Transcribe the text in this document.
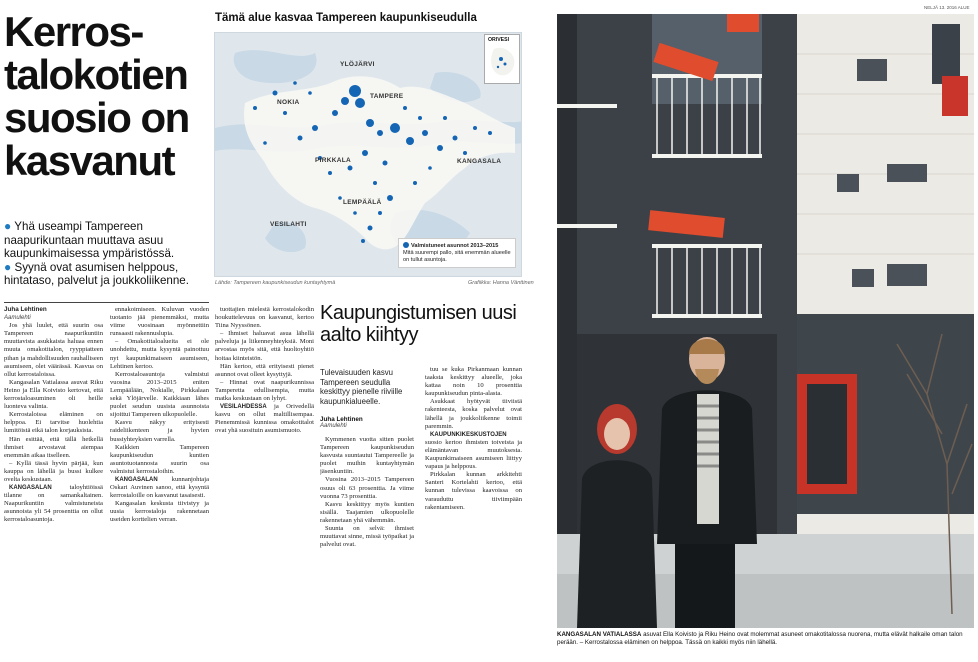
NELJÄ 13. 2016 ALUE
Kerros-
talokotien
suosio on
kasvanut
● Yhä useampi Tampereen naapurikuntaan muuttava asuu kaupunkimaisessa ympäristössä.
● Syynä ovat asumisen helppous, hintataso, palvelut ja joukkoliikenne.
Tämä alue kasvaa Tampereen kaupunkiseudulla
YLÖJÄRVI
NOKIA
TAMPERE
PIRKKALA	KANGASALA
LEMPÄÄLÄ
VESILAHTI
ORIVESI
Valmistuneet asunnot 2013–2015
Mitä suurempi pallo, sitä enemmän alueelle on tullut asuntoja.
Lähde: Tampereen kaupunkiseudun kuntayhtymä	Grafiikka: Hanna Vänttinen
Juha Lehtinen
Aamulehti

Jos yhä luulet, että suurin osa Tampereen naapurikuntiin muuttavista asukkaista haluaa ennen muuta omakotitalon, ryyppiatteen pihan ja mahdollisuuden rauhalliseen asumiseen, olet väärässä. Kasvua on ollut kerrostaloissa.

Kangasalan Vatialassa asuvat Riku Heino ja Ella Koivisto kertovat, että kerrostaloasuminen oli heille luonteva valinta.

Kerrostaloissa eläminen on helppoa. Ei tarvitse huolehtia lumitöistä eikä talon korjauksista.

Hän esittää, että tällä hetkellä ihmiset arvostavat aiempaa enemmän aikaa itselleen.

– Kyllä tässä hyvin pärjää, kun kauppa on lähellä ja bussi kulkee ovelta keskustaan.

KANGASALAN	taloyhtiöissä tilanne on samankaltainen. Naapurikuntiin valmistuneista asunnoista yli 54 prosenttia on ollut kerrostaloasuntoja.

ennakoimiseen. Kuluvan vuoden tuotanto jää pienemmäksi, mutta viime vuosinaan myönnettiin runsaasti rakennuslupia.

– Omakotitaloalueita ei ole unohdettu, mutta kysyntä painottuu nyt kaupunkimaiseen asumiseen, Lehtinen kertoo.

Kerrostaloasuntoja valmistui vuosina 2013–2015 eniten Lempäälään, Nokialle, Pirkkalaan sekä Ylöjärvelle. Kaikkiaan lähes puolet seudun uusista asunnoista sijoittui Tampereen ulkopuolelle.

Kasvu näkyy erityisesti raideliikenteen ja hyvien bussiyhteyksien varrella.

Kaikkien Tampereen kaupunkiseudun kuntien asuntotuotannosta suurin osa valmistui kerrostaloihin.

KANGASALAN kunnanjohtaja Oskari Auvinen sanoo, että kysyntä kerrostaloille on kasvanut tasaisesti.

Kangasalan keskusta tiivistyy ja uusia kerrostaloja rakennetaan useiden korttelien verran.

tuottajien mielestä kerrostalokodin houkuttelevuus on kasvanut, kertoo Tiina Nyyssönen.

– Ihmiset haluavat asua lähellä palveluja ja liikenneyhteyksiä. Moni arvostaa myös sitä, että huoltoyhtiö hoitaa kiinteistön.

Hän kertoo, että erityisesti pienet asunnot ovat olleet kysyttyjä.

– Hinnat ovat naapurikunnissa Tamperetta edullisempia, mutta matka keskustaan on lyhyt.

VESILAHDESSA ja Orivedellä kasvu on ollut maltillisempaa. Pienemmissä kunnissa omakotitalot ovat yhä suosituin asumismuoto.

Kaupungistumisen uusi aalto kiihtyy
Tulevaisuuden kasvu Tampereen seudulla keskittyy pienelle riiviille kaupunkialueelle.
Juha Lehtinen
Aamulehti

Kymmenen vuotta sitten puolet Tampereen kaupunkiseudun kasvusta suuntautui Tampereelle ja puolet muihin kuntayhtymän jäsenkuntiin.

Vuosina 2013–2015 Tampereen osuus oli 63 prosenttia. Ja viime vuonna 73 prosenttia.

Kasvu keskittyy myös kuntien sisällä. Taajamien ulkopuolelle rakennetaan yhä vähemmän.

Suunta on selvä: ihmiset muuttavat sinne, missä työpaikat ja palvelut ovat.

tuu se kuka Pirkanmaan kunnan taaksta keskittyy alueelle, joka kattaa noin 10 prosenttia kaupunkiseudun pinta-alasta.

Asukkaat hyötyvät tiiviistä rakenteesta, koska palvelut ovat lähellä ja joukkoliikenne toimii paremmin.

KAUPUNKIKESKUSTOJEN suosio kertoo ihmisten toiveista ja elämäntavan muutoksesta. Kaupunkimaiseen asumiseen liittyy vapaus ja helppous.

Pirkkalan kunnan arkkitehti Santeri Kortelahti kertoo, että kunnan tulevissa kaavoissa on varauduttu tiiviimpään rakentamiseen.

KANGASALAN VATIALASSA asuvat Ella Koivisto ja Riku Heino ovat molemmat asuneet omakotitalossa nuorena, mutta elävät halkaile oman talon perään. – Kerrostalossa eläminen on helppoa. Tässä on kaikki myös niin lähellä.
